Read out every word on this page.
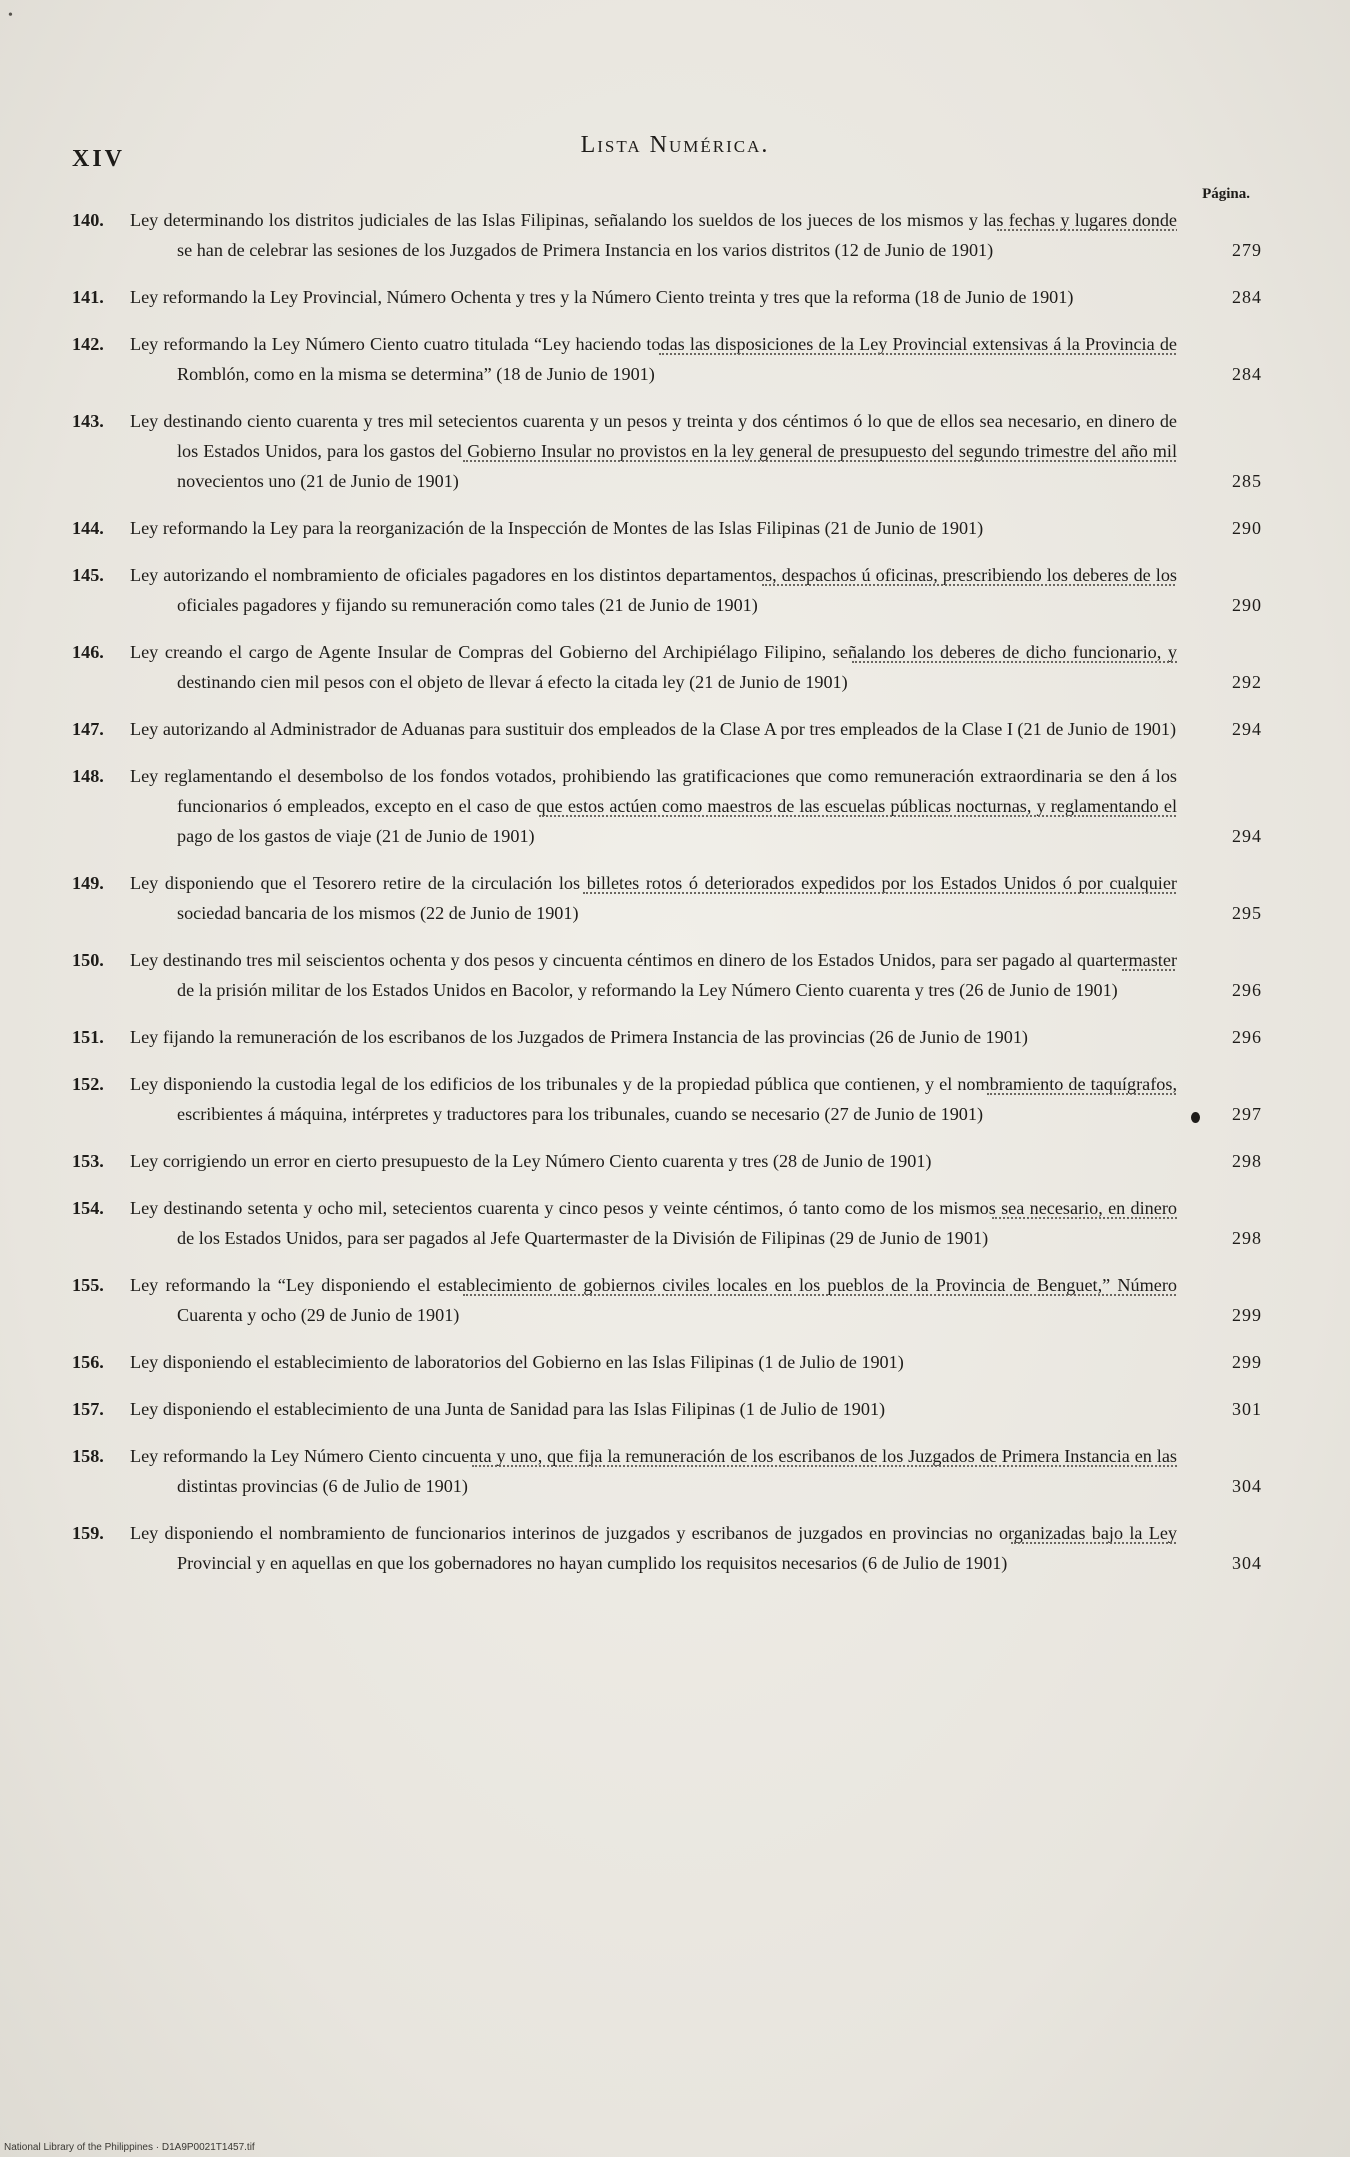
•
XIV
Lista Numérica.
Página.
140. Ley determinando los distritos judiciales de las Islas Filipinas, señalando los sueldos de los jueces de los mismos y las fechas y lugares donde se han de celebrar las sesiones de los Juzgados de Primera Instancia en los varios distritos (12 de Junio de 1901)	279
141. Ley reformando la Ley Provincial, Número Ochenta y tres y la Número Ciento treinta y tres que la reforma (18 de Junio de 1901)	284
142. Ley reformando la Ley Número Ciento cuatro titulada “Ley haciendo todas las disposiciones de la Ley Provincial extensivas á la Provincia de Romblón, como en la misma se determina” (18 de Junio de 1901)	284
143. Ley destinando ciento cuarenta y tres mil setecientos cuarenta y un pesos y treinta y dos céntimos ó lo que de ellos sea necesario, en dinero de los Estados Unidos, para los gastos del Gobierno Insular no provistos en la ley general de presupuesto del segundo trimestre del año mil novecientos uno (21 de Junio de 1901)	285
144. Ley reformando la Ley para la reorganización de la Inspección de Montes de las Islas Filipinas (21 de Junio de 1901)	290
145. Ley autorizando el nombramiento de oficiales pagadores en los distintos departamentos, despachos ú oficinas, prescribiendo los deberes de los oficiales pagadores y fijando su remuneración como tales (21 de Junio de 1901)	290
146. Ley creando el cargo de Agente Insular de Compras del Gobierno del Archipiélago Filipino, señalando los deberes de dicho funcionario, y destinando cien mil pesos con el objeto de llevar á efecto la citada ley (21 de Junio de 1901)	292
147. Ley autorizando al Administrador de Aduanas para sustituir dos empleados de la Clase A por tres empleados de la Clase I (21 de Junio de 1901)	294
148. Ley reglamentando el desembolso de los fondos votados, prohibiendo las gratificaciones que como remuneración extraordinaria se den á los funcionarios ó empleados, excepto en el caso de que estos actúen como maestros de las escuelas públicas nocturnas, y reglamentando el pago de los gastos de viaje (21 de Junio de 1901)	294
149. Ley disponiendo que el Tesorero retire de la circulación los billetes rotos ó deteriorados expedidos por los Estados Unidos ó por cualquier sociedad bancaria de los mismos (22 de Junio de 1901)	295
150. Ley destinando tres mil seiscientos ochenta y dos pesos y cincuenta céntimos en dinero de los Estados Unidos, para ser pagado al quartermaster de la prisión militar de los Estados Unidos en Bacolor, y reformando la Ley Número Ciento cuarenta y tres (26 de Junio de 1901)	296
151. Ley fijando la remuneración de los escribanos de los Juzgados de Primera Instancia de las provincias (26 de Junio de 1901)	296
152. Ley disponiendo la custodia legal de los edificios de los tribunales y de la propiedad pública que contienen, y el nombramiento de taquígrafos, escribientes á máquina, intérpretes y traductores para los tribunales, cuando se necesario (27 de Junio de 1901)	297
153. Ley corrigiendo un error en cierto presupuesto de la Ley Número Ciento cuarenta y tres (28 de Junio de 1901)	298
154. Ley destinando setenta y ocho mil, setecientos cuarenta y cinco pesos y veinte céntimos, ó tanto como de los mismos sea necesario, en dinero de los Estados Unidos, para ser pagados al Jefe Quartermaster de la División de Filipinas (29 de Junio de 1901)	298
155. Ley reformando la “Ley disponiendo el establecimiento de gobiernos civiles locales en los pueblos de la Provincia de Benguet,” Número Cuarenta y ocho (29 de Junio de 1901)	299
156. Ley disponiendo el establecimiento de laboratorios del Gobierno en las Islas Filipinas (1 de Julio de 1901)	299
157. Ley disponiendo el establecimiento de una Junta de Sanidad para las Islas Filipinas (1 de Julio de 1901)	301
158. Ley reformando la Ley Número Ciento cincuenta y uno, que fija la remuneración de los escribanos de los Juzgados de Primera Instancia en las distintas provincias (6 de Julio de 1901)	304
159. Ley disponiendo el nombramiento de funcionarios interinos de juzgados y escribanos de juzgados en provincias no organizadas bajo la Ley Provincial y en aquellas en que los gobernadores no hayan cumplido los requisitos necesarios (6 de Julio de 1901)	304
National Library of the Philippines · D1A9P0021T1457.tif
